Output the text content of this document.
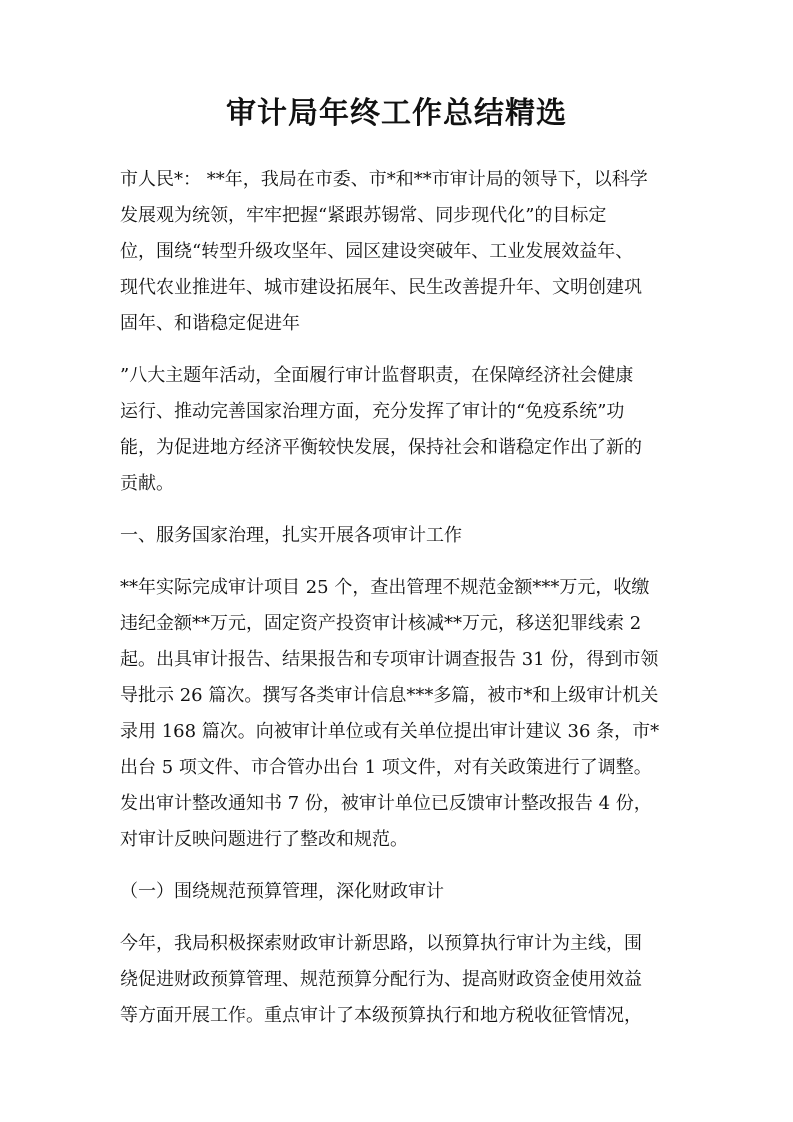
审计局年终工作总结精选

市人民*： **年，我局在市委、市*和**市审计局的领导下，以科学
发展观为统领，牢牢把握“紧跟苏锡常、同步现代化”的目标定
位，围绕“转型升级攻坚年、园区建设突破年、工业发展效益年、
现代农业推进年、城市建设拓展年、民生改善提升年、文明创建巩
固年、和谐稳定促进年

”八大主题年活动，全面履行审计监督职责，在保障经济社会健康
运行、推动完善国家治理方面，充分发挥了审计的“免疫系统”功
能，为促进地方经济平衡较快发展，保持社会和谐稳定作出了新的
贡献。

一、服务国家治理，扎实开展各项审计工作

**年实际完成审计项目 25 个，查出管理不规范金额***万元，收缴
违纪金额**万元，固定资产投资审计核减**万元，移送犯罪线索 2
起。出具审计报告、结果报告和专项审计调查报告 31 份，得到市领
导批示 26 篇次。撰写各类审计信息***多篇，被市*和上级审计机关
录用 168 篇次。向被审计单位或有关单位提出审计建议 36 条，市*
出台 5 项文件、市合管办出台 1 项文件，对有关政策进行了调整。
发出审计整改通知书 7 份，被审计单位已反馈审计整改报告 4 份，
对审计反映问题进行了整改和规范。

（一）围绕规范预算管理，深化财政审计

今年，我局积极探索财政审计新思路，以预算执行审计为主线，围
绕促进财政预算管理、规范预算分配行为、提高财政资金使用效益
等方面开展工作。重点审计了本级预算执行和地方税收征管情况，
